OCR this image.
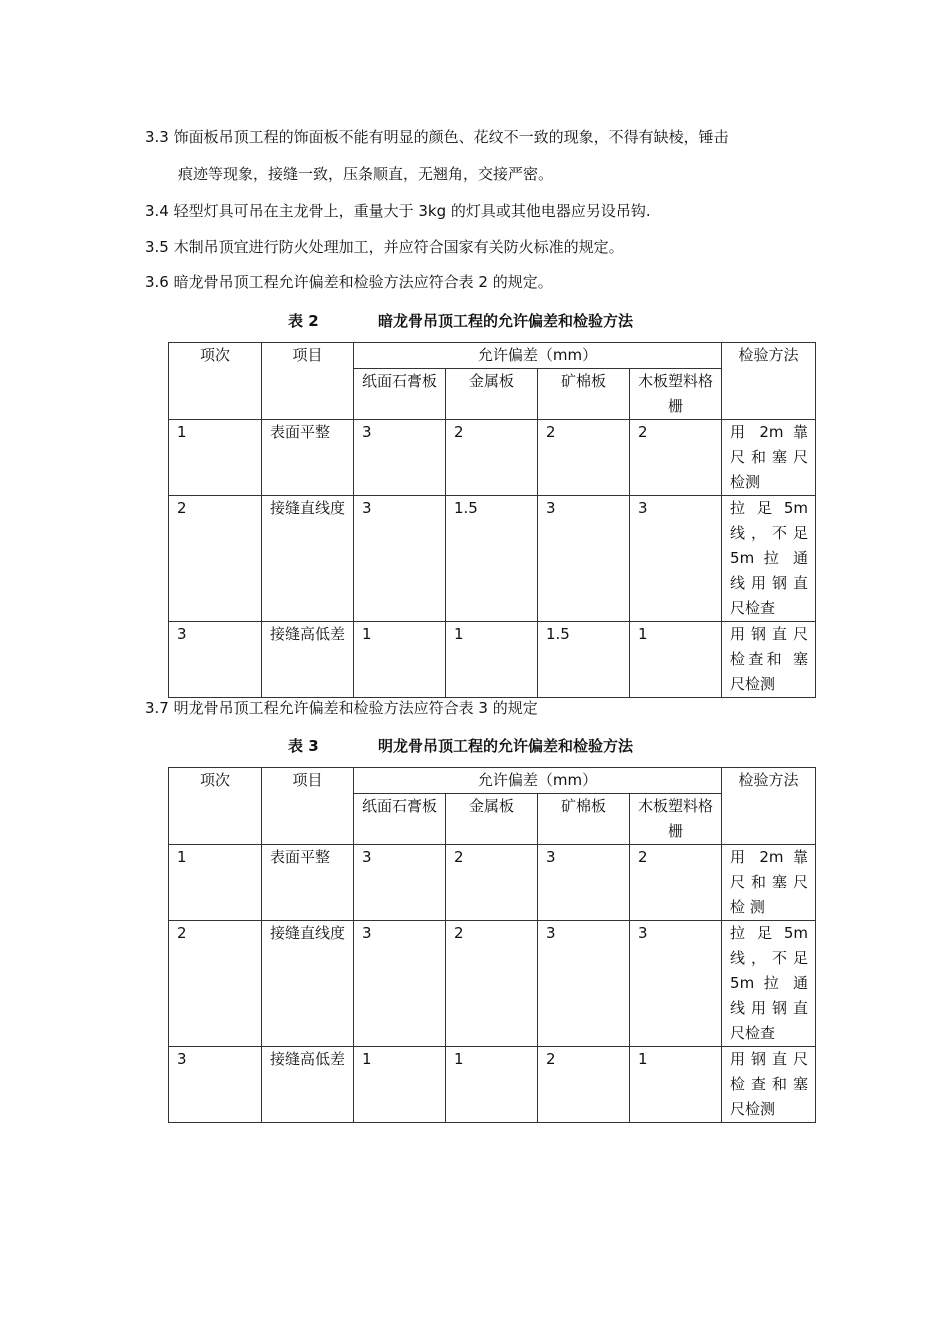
3.3 饰面板吊顶工程的饰面板不能有明显的颜色、花纹不一致的现象，不得有缺棱，锤击
痕迹等现象，接缝一致，压条顺直，无翘角，交接严密。
3.4 轻型灯具可吊在主龙骨上，重量大于 3kg 的灯具或其他电器应另设吊钩.
3.5 木制吊顶宜进行防火处理加工，并应符合国家有关防火标准的规定。
3.6 暗龙骨吊顶工程允许偏差和检验方法应符合表 2 的规定。
表 2	暗龙骨吊顶工程的允许偏差和检验方法
项次	项目	允许偏差（mm）				检验方法
		纸面石膏板	金属板	矿棉板	木板塑料格栅	
1	表面平整	3	2	2	2	用 2m 靠
尺和塞尺
检测

2	接缝直线度	3	1.5	3	3	拉 足 5m
线，不足
5m 拉 通
线用钢直
尺检查

3	接缝高低差	1	1	1.5	1	用钢直尺
检查和 塞
尺检测
3.7 明龙骨吊顶工程允许偏差和检验方法应符合表 3 的规定
表 3	明龙骨吊顶工程的允许偏差和检验方法
项次	项目	允许偏差（mm）				检验方法
		纸面石膏板	金属板	矿棉板	木板塑料格栅	
1	表面平整	3	2	3	2	用 2m 靠
尺和塞尺
检 测

2	接缝直线度	3	2	3	3	拉 足 5m
线，不足
5m 拉 通
线用钢直
尺检查

3	接缝高低差	1	1	2	1	用钢直尺
检查和塞
尺检测
